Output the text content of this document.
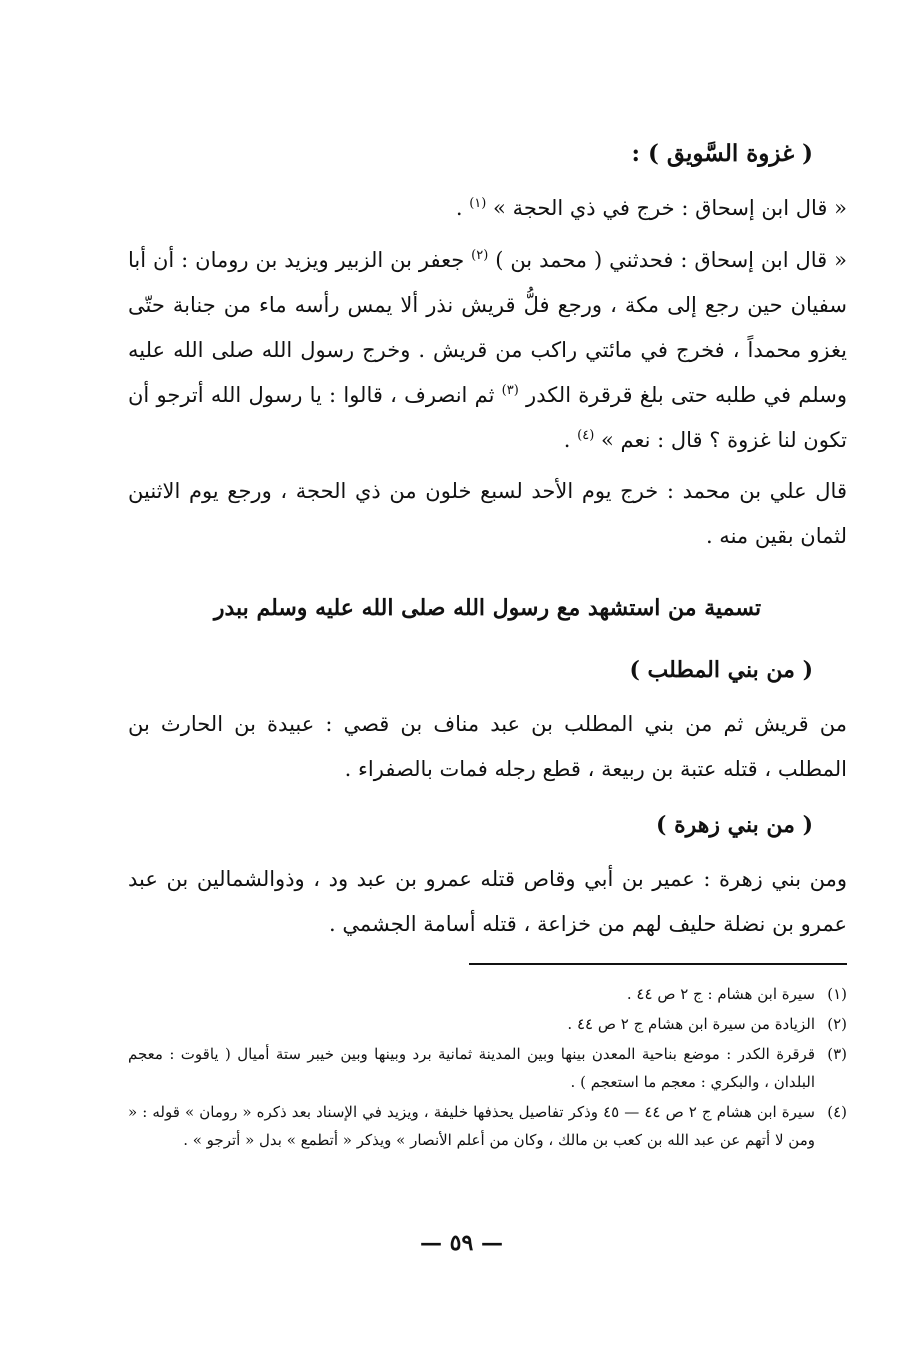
( غزوة السَّويق ) :
« قال ابن إسحاق : خرج في ذي الحجة » $^{(١)}$ .
« قال ابن إسحاق : فحدثني ( محمد بن ) $^{(٢)}$ جعفر بن الزبير ويزيد بن رومان : أن أبا سفيان حين رجع إلى مكة ، ورجع فلُّ قريش نذر ألا يمس رأسه ماء من جنابة حتّى يغزو محمداً ، فخرج في مائتي راكب من قريش . وخرج رسول الله صلى الله عليه وسلم في طلبه حتى بلغ قرقرة الكدر $^{(٣)}$ ثم انصرف ، قالوا : يا رسول الله أترجو أن تكون لنا غزوة ؟ قال : نعم » $^{(٤)}$ .
قال علي بن محمد : خرج يوم الأحد لسبع خلون من ذي الحجة ، ورجع يوم الاثنين لثمان بقين منه .
تسمية من استشهد مع رسول الله صلى الله عليه وسلم ببدر
( من بني المطلب )
من قريش ثم من بني المطلب بن عبد مناف بن قصي : عبيدة بن الحارث بن المطلب ، قتله عتبة بن ربيعة ، قطع رجله فمات بالصفراء .
( من بني زهرة )
ومن بني زهرة : عمير بن أبي وقاص قتله عمرو بن عبد ود ، وذوالشمالين بن عبد عمرو بن نضلة حليف لهم من خزاعة ، قتله أسامة الجشمي .
(١)
سيرة ابن هشام : ج ٢ ص ٤٤ .
(٢)
الزيادة من سيرة ابن هشام ج ٢ ص ٤٤ .
(٣)
قرقرة الكدر : موضع بناحية المعدن بينها وبين المدينة ثمانية برد وبينها وبين خيبر ستة أميال ( ياقوت : معجم البلدان ، والبكري : معجم ما استعجم ) .
(٤)
سيرة ابن هشام ج ٢ ص ٤٤ — ٤٥ وذكر تفاصيل يحذفها خليفة ، ويزيد في الإسناد بعد ذكره « رومان » قوله : « ومن لا أتهم عن عبد الله بن كعب بن مالك ، وكان من أعلم الأنصار » ويذكر « أتطمع » بدل « أترجو » .
— ٥٩ —
